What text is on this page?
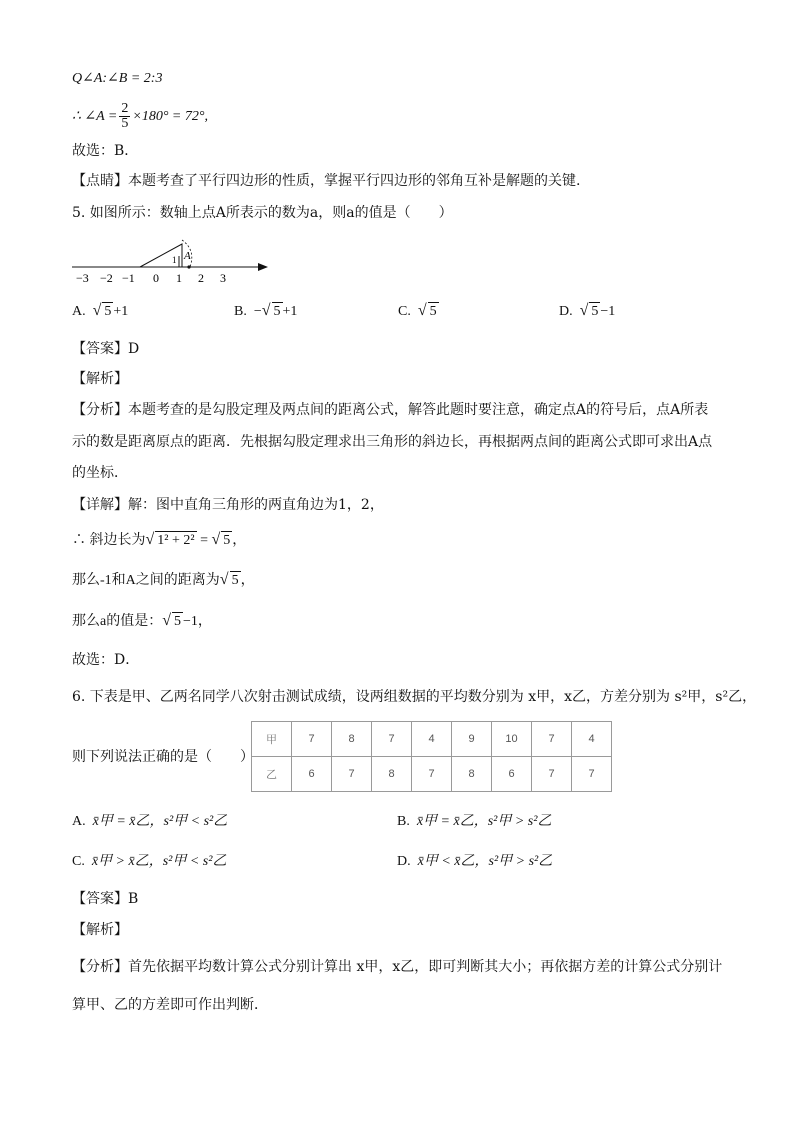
Q∠A:∠B = 2:3
∴ ∠A = $\frac{2}{5} \times 180^\circ = 72^\circ$,
故选：B．
【点睛】本题考查了平行四边形的性质，掌握平行四边形的邻角互补是解题的关键.
5. 如图所示：数轴上点A所表示的数为a，则a的值是（　　）
A
1
−3 −2 −1 0 1 2 3
A. √ 5 +1	B. −√ 5 +1	C. √ 5	D. √ 5 −1
【答案】D
【解析】
【分析】本题考查的是勾股定理及两点间的距离公式，解答此题时要注意，确定点A的符号后，点A所表
示的数是距离原点的距离．先根据勾股定理求出三角形的斜边长，再根据两点间的距离公式即可求出A点
的坐标．
【详解】解：图中直角三角形的两直角边为1，2，
∴ 斜边长为√ 1² + 2² = √ 5 ，
那么-1和A之间的距离为√ 5 ，
那么a的值是：√ 5 −1，
故选：D．
6. 下表是甲、乙两名同学八次射击测试成绩，设两组数据的平均数分别为 x甲，x乙，方差分别为 s²甲，s²乙，
则下列说法正确的是（　　）
甲	7	8	7	4	9	10	7	4
乙	6	7	8	7	8	6	7	7
A. x̄甲 = x̄乙，s²甲 < s²乙	B. x̄甲 = x̄乙，s²甲 > s²乙
C. x̄甲 > x̄乙，s²甲 < s²乙	D. x̄甲 < x̄乙，s²甲 > s²乙
【答案】B
【解析】
【分析】首先依据平均数计算公式分别计算出 x甲，x乙，即可判断其大小；再依据方差的计算公式分别计
算甲、乙的方差即可作出判断．
